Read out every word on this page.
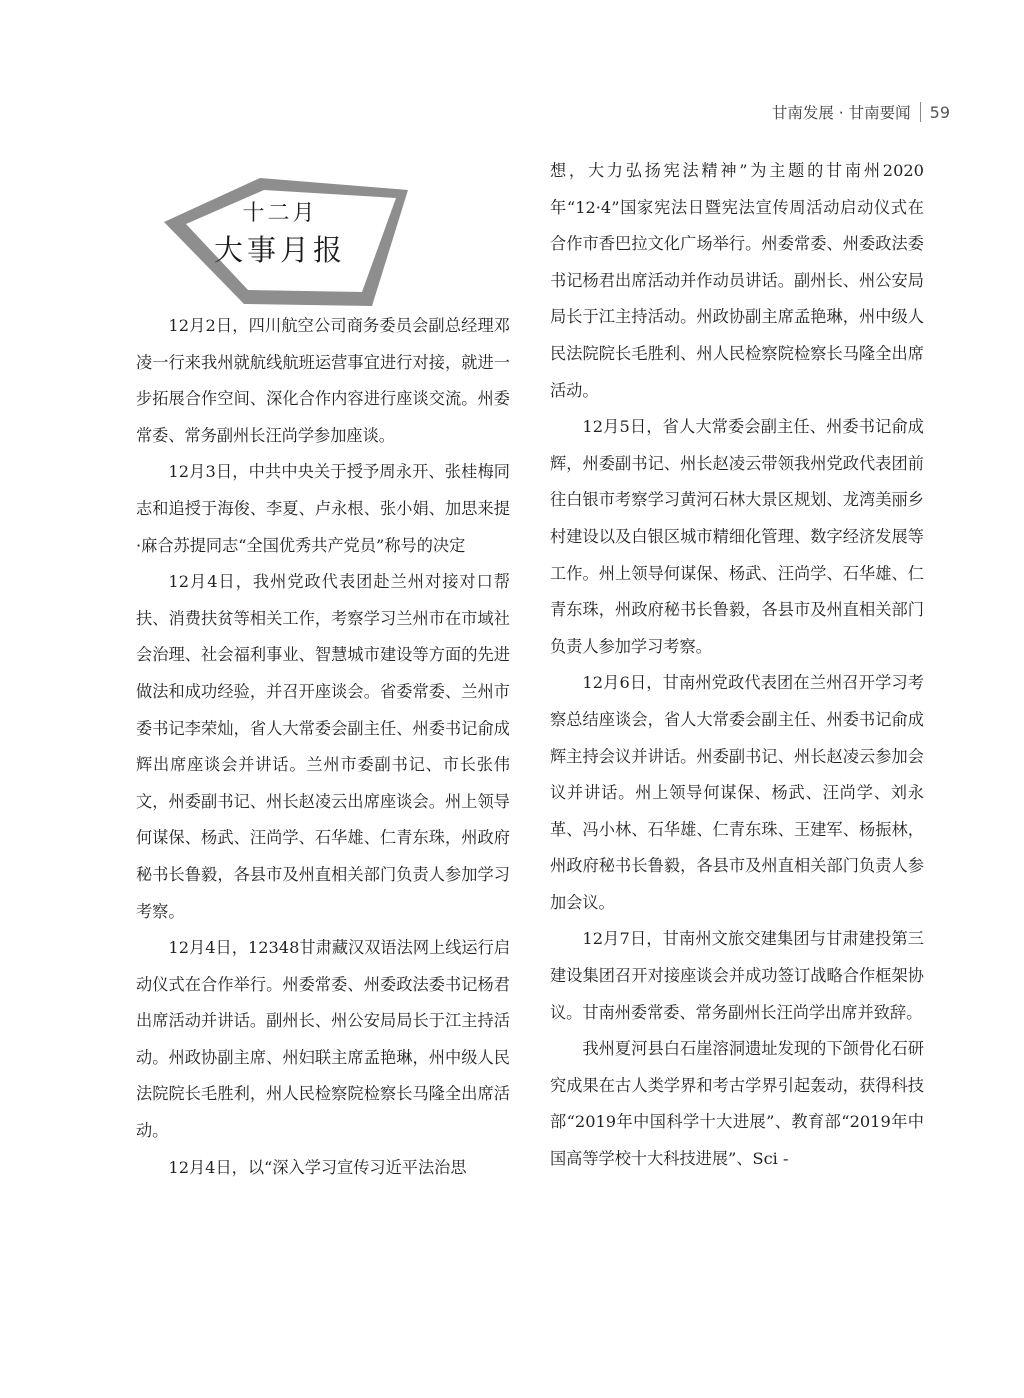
甘南发展 · 甘南要闻 59
十二月
大事月报

12月2日，四川航空公司商务委员会副总经理邓凌一行来我州就航线航班运营事宜进行对接，就进一步拓展合作空间、深化合作内容进行座谈交流。州委常委、常务副州长汪尚学参加座谈。

12月3日，中共中央关于授予周永开、张桂梅同志和追授于海俊、李夏、卢永根、张小娟、加思来提·麻合苏提同志“全国优秀共产党员”称号的决定

12月4日，我州党政代表团赴兰州对接对口帮扶、消费扶贫等相关工作，考察学习兰州市在市域社会治理、社会福利事业、智慧城市建设等方面的先进做法和成功经验，并召开座谈会。省委常委、兰州市委书记李荣灿，省人大常委会副主任、州委书记俞成辉出席座谈会并讲话。兰州市委副书记、市长张伟文，州委副书记、州长赵凌云出席座谈会。州上领导何谋保、杨武、汪尚学、石华雄、仁青东珠，州政府秘书长鲁毅，各县市及州直相关部门负责人参加学习考察。

12月4日，12348甘肃藏汉双语法网上线运行启动仪式在合作举行。州委常委、州委政法委书记杨君出席活动并讲话。副州长、州公安局局长于江主持活动。州政协副主席、州妇联主席孟艳琳，州中级人民法院院长毛胜利，州人民检察院检察长马隆全出席活动。

12月4日，以“深入学习宣传习近平法治思

想，大力弘扬宪法精神”为主题的甘南州2020年“12·4”国家宪法日暨宪法宣传周活动启动仪式在合作市香巴拉文化广场举行。州委常委、州委政法委书记杨君出席活动并作动员讲话。副州长、州公安局局长于江主持活动。州政协副主席孟艳琳，州中级人民法院院长毛胜利、州人民检察院检察长马隆全出席活动。

12月5日，省人大常委会副主任、州委书记俞成辉，州委副书记、州长赵凌云带领我州党政代表团前往白银市考察学习黄河石林大景区规划、龙湾美丽乡村建设以及白银区城市精细化管理、数字经济发展等工作。州上领导何谋保、杨武、汪尚学、石华雄、仁青东珠，州政府秘书长鲁毅，各县市及州直相关部门负责人参加学习考察。

12月6日，甘南州党政代表团在兰州召开学习考察总结座谈会，省人大常委会副主任、州委书记俞成辉主持会议并讲话。州委副书记、州长赵凌云参加会议并讲话。州上领导何谋保、杨武、汪尚学、刘永革、冯小林、石华雄、仁青东珠、王建军、杨振林，州政府秘书长鲁毅，各县市及州直相关部门负责人参加会议。

12月7日，甘南州文旅交建集团与甘肃建投第三建设集团召开对接座谈会并成功签订战略合作框架协议。甘南州委常委、常务副州长汪尚学出席并致辞。

我州夏河县白石崖溶洞遗址发现的下颌骨化石研究成果在古人类学界和考古学界引起轰动，获得科技部“2019年中国科学十大进展”、教育部“2019年中国高等学校十大科技进展”、Sci -
